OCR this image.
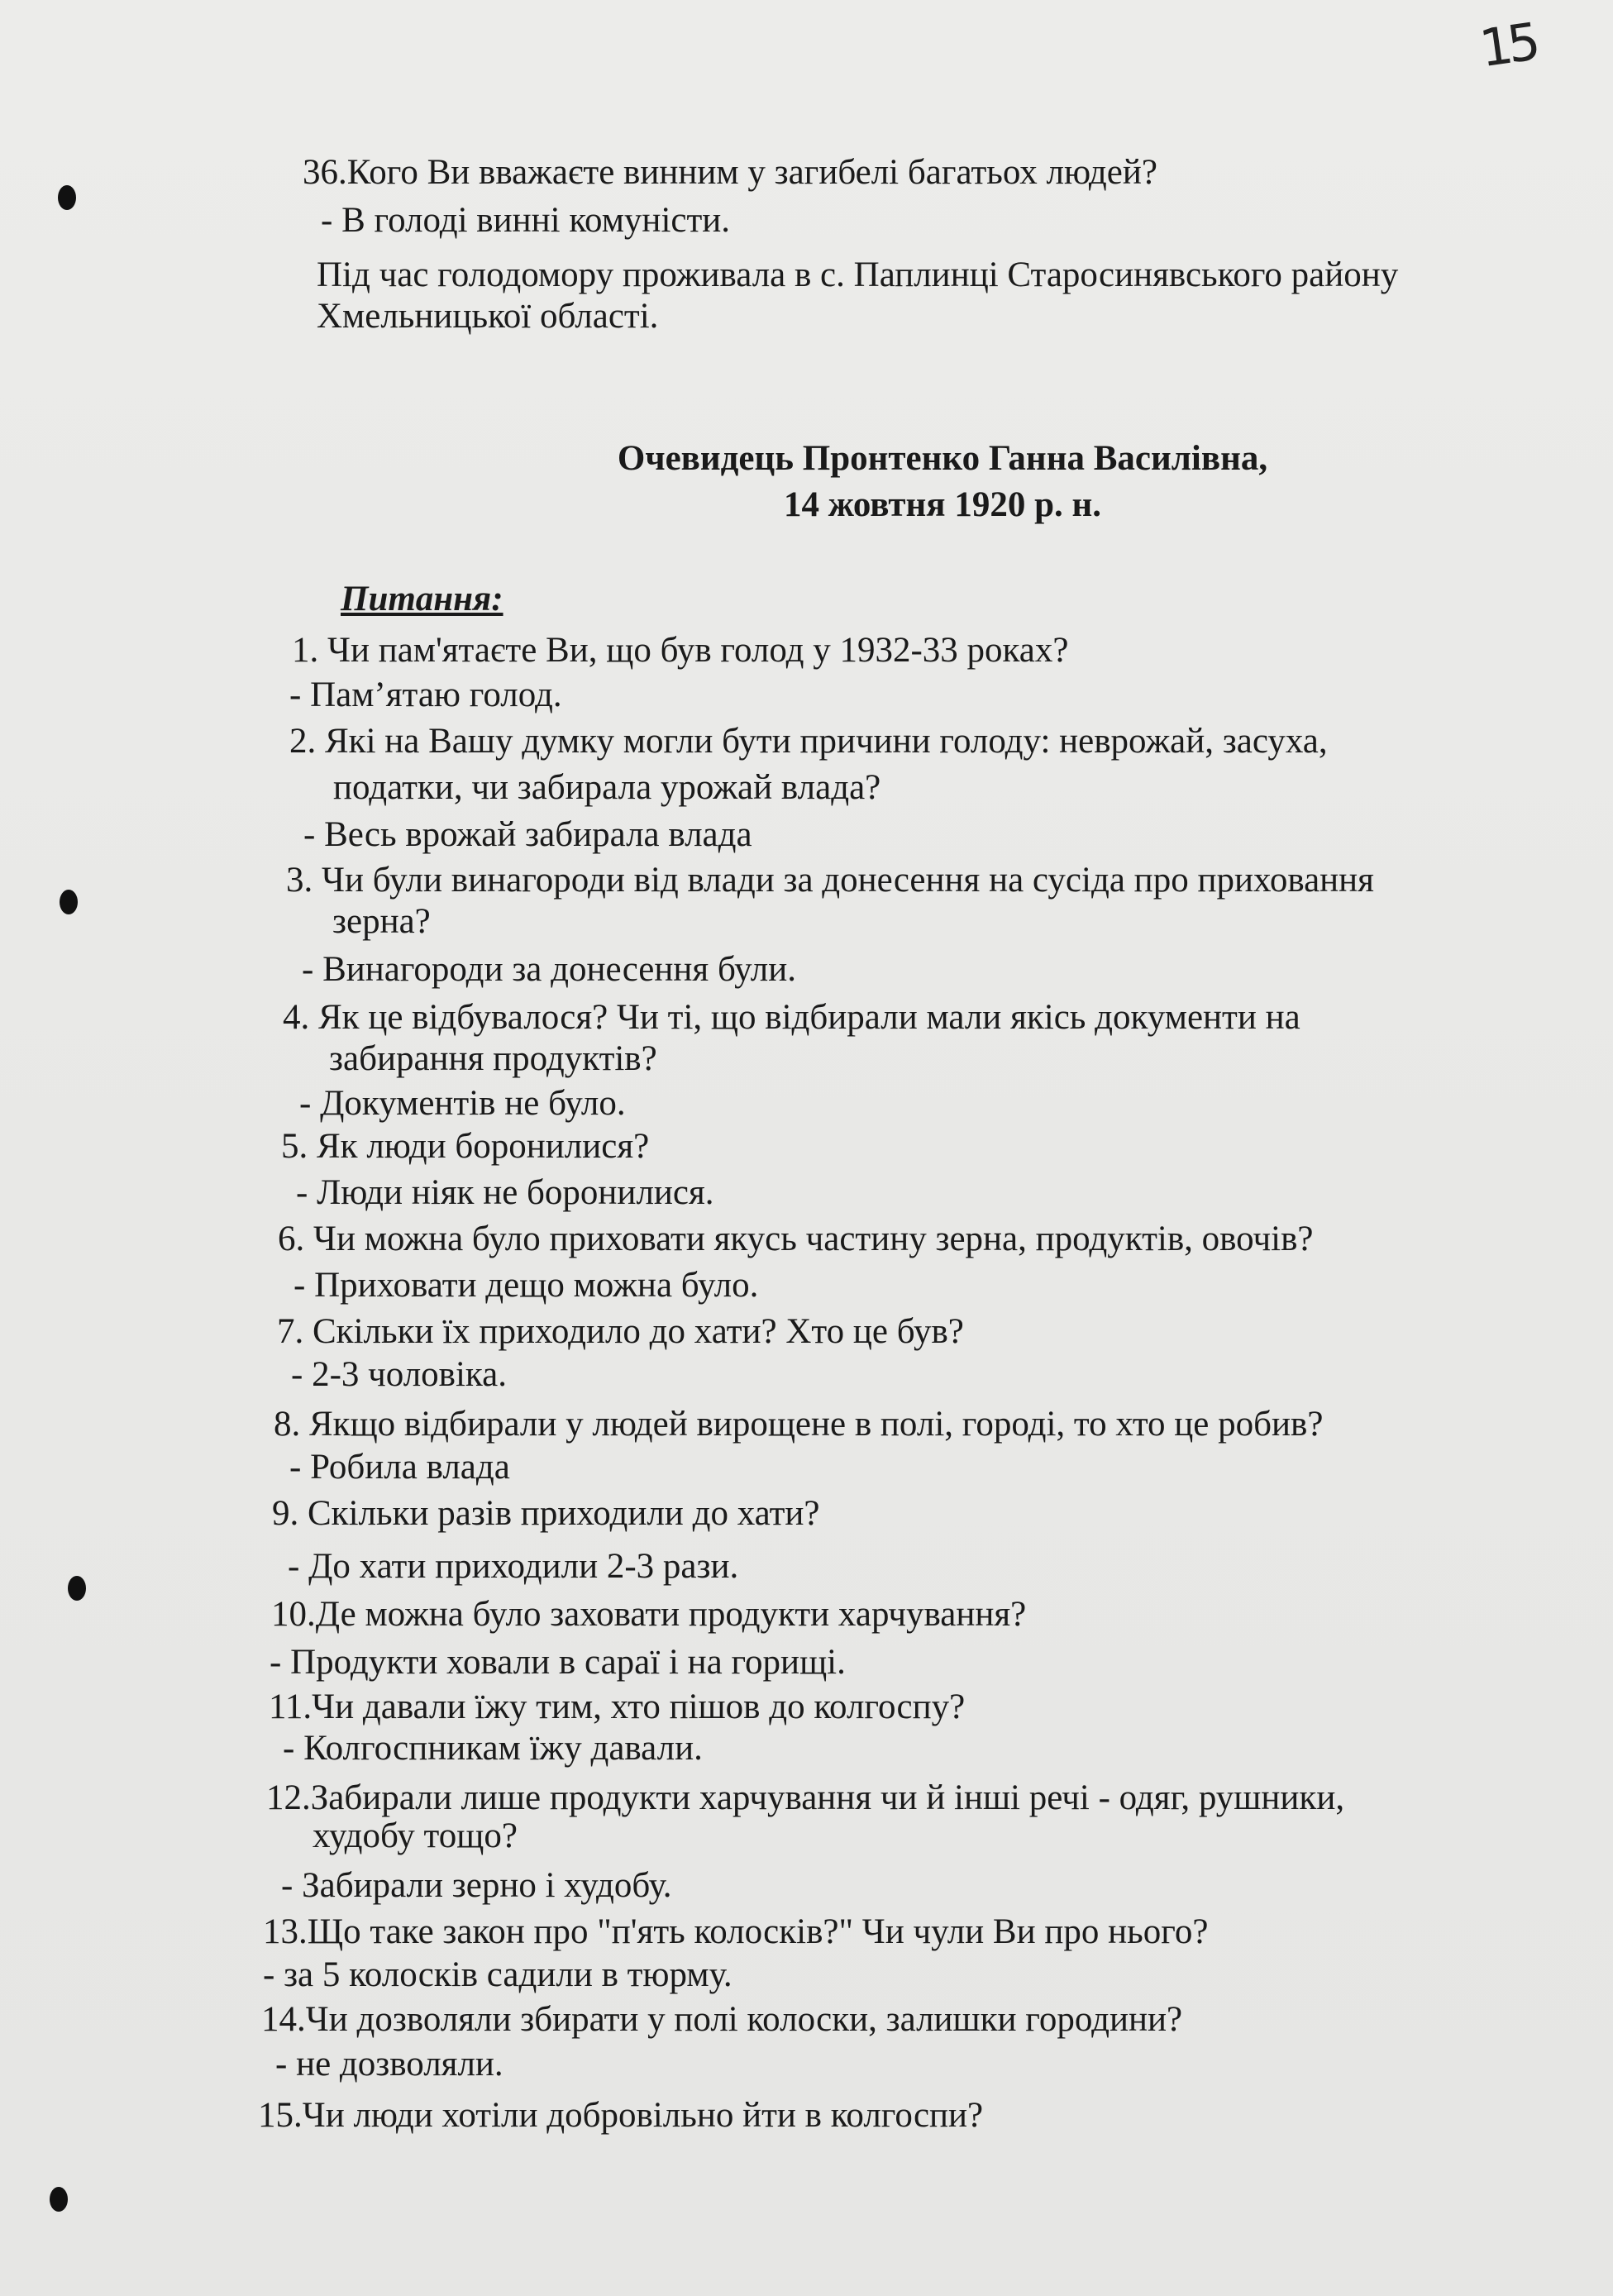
15
36.Кого Ви вважаєте винним у загибелі багатьох людей?
- В голоді винні комуністи.
Під час голодомору проживала в с. Паплинці Старосинявського району
Хмельницької області.
Очевидець Пронтенко Ганна Василівна,
14 жовтня 1920 р. н.
Питання:
1. Чи пам'ятаєте Ви, що був голод у 1932-33 роках?
- Пам’ятаю голод.
2. Які на Вашу думку могли бути причини голоду: неврожай, засуха,
податки, чи забирала урожай влада?
- Весь врожай забирала влада
3. Чи були винагороди від влади за донесення на сусіда про приховання
зерна?
- Винагороди за донесення були.
4. Як це відбувалося? Чи ті, що відбирали мали якісь документи на
забирання продуктів?
- Документів не було.
5. Як люди боронилися?
- Люди ніяк не боронилися.
6. Чи можна було приховати якусь частину зерна, продуктів, овочів?
- Приховати дещо можна було.
7. Скільки їх приходило до хати? Хто це був?
- 2-3 чоловіка.
8. Якщо відбирали у людей вирощене в полі, городі, то хто це робив?
- Робила влада
9. Скільки разів приходили до хати?
- До хати приходили 2-3 рази.
10.Де можна було заховати продукти харчування?
- Продукти ховали в сараї і на горищі.
11.Чи давали їжу тим, хто пішов до колгоспу?
- Колгоспникам їжу давали.
12.Забирали лише продукти харчування чи й інші речі - одяг, рушники,
худобу тощо?
- Забирали зерно і худобу.
13.Що таке закон про "п'ять колосків?" Чи чули Ви про нього?
- за 5 колосків садили в тюрму.
14.Чи дозволяли збирати у полі колоски, залишки городини?
- не дозволяли.
15.Чи люди хотіли добровільно йти в колгоспи?
